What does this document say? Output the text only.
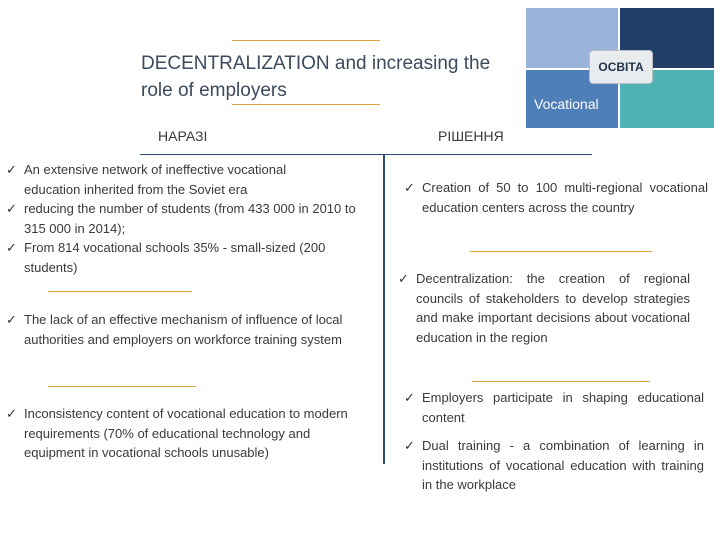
DECENTRALIZATION and increasing the role of employers
ОСВІТА
Vocational
НАРАЗІ	РІШЕННЯ
✓ An extensive network of ineffective vocational education inherited from the Soviet era
✓ reducing the number of students (from 433 000 in 2010 to 315 000 in 2014);
✓ From 814 vocational schools 35% - small-sized (200 students)
✓ The lack of an effective mechanism of influence of local authorities and employers on workforce training system
✓ Inconsistency content of vocational education to modern requirements (70% of educational technology and equipment in vocational schools unusable)
✓ Creation of 50 to 100 multi-regional vocational education centers across the country
✓ Decentralization: the creation of regional councils of stakeholders to develop strategies and make important decisions about vocational education in the region
✓ Employers participate in shaping educational content
✓ Dual training - a combination of learning in institutions of vocational education with training in the workplace
